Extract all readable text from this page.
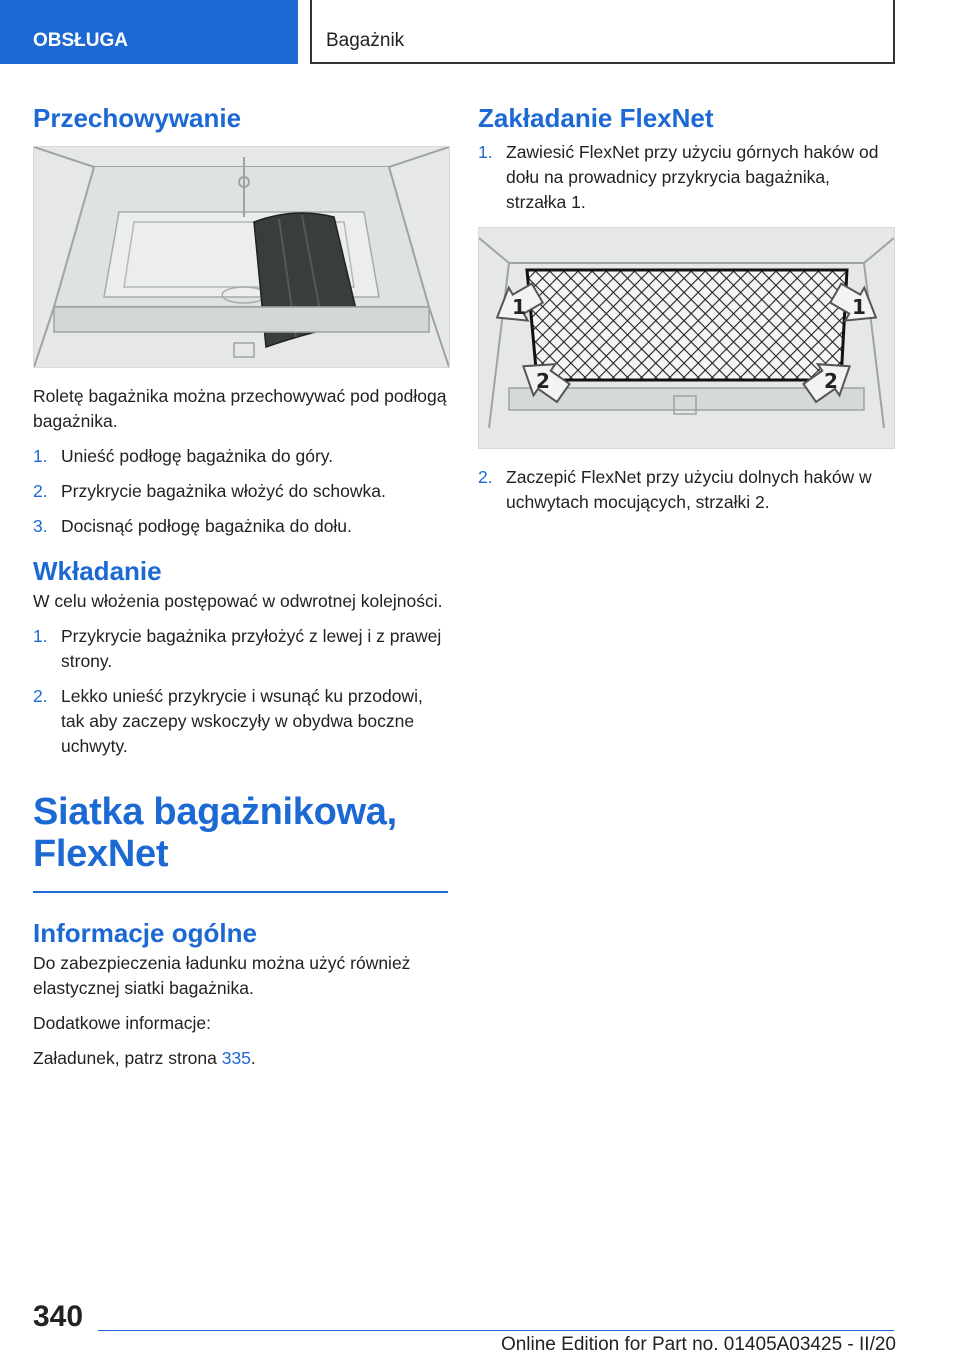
OBSŁUGA	Bagażnik
Przechowywanie

Roletę bagażnika można przechowywać pod podłogą bagażnika.

1. Unieść podłogę bagażnika do góry.
2. Przykrycie bagażnika włożyć do schowka.
3. Docisnąć podłogę bagażnika do dołu.
Wkładanie

W celu włożenia postępować w odwrotnej kolejności.

1. Przykrycie bagażnika przyłożyć z lewej i z prawej strony.
2. Lekko unieść przykrycie i wsunąć ku przodowi, tak aby zaczepy wskoczyły w obydwa boczne uchwyty.
Siatka bagażnikowa,
FlexNet
Informacje ogólne

Do zabezpieczenia ładunku można użyć również elastycznej siatki bagażnika.

Dodatkowe informacje:

Załadunek, patrz strona 335.

Zakładanie FlexNet
1. Zawiesić FlexNet przy użyciu górnych haków od dołu na prowadnicy przykrycia bagażnika, strzałka 1.
1	1
2	2
2. Zaczepić FlexNet przy użyciu dolnych haków w uchwytach mocujących, strzałki 2.
340
Online Edition for Part no. 01405A03425 - II/20
